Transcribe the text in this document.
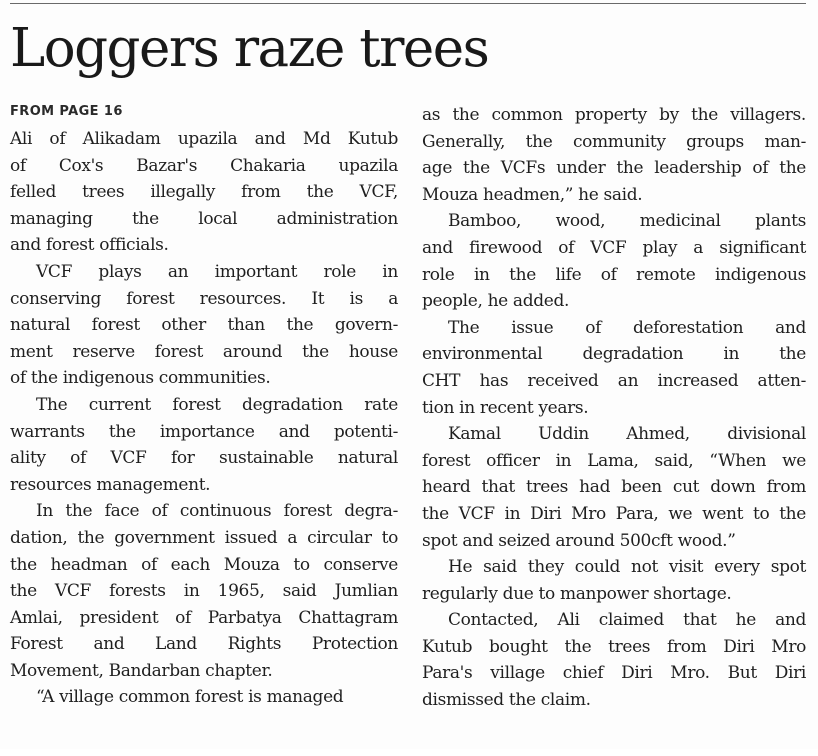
Loggers raze trees
FROM PAGE 16
Ali of Alikadam upazila and Md Kutub
of Cox's Bazar's Chakaria upazila
felled trees illegally from the VCF,
managing the local administration
and forest officials.
VCF plays an important role in
conserving forest resources. It is a
natural forest other than the govern-
ment reserve forest around the house
of the indigenous communities.
The current forest degradation rate
warrants the importance and potenti-
ality of VCF for sustainable natural
resources management.
In the face of continuous forest degra-
dation, the government issued a circular to
the headman of each Mouza to conserve
the VCF forests in 1965, said Jumlian
Amlai, president of Parbatya Chattagram
Forest and Land Rights Protection
Movement, Bandarban chapter.
“A village common forest is managed
as the common property by the villagers.
Generally, the community groups man-
age the VCFs under the leadership of the
Mouza headmen,” he said.
Bamboo, wood, medicinal plants
and firewood of VCF play a significant
role in the life of remote indigenous
people, he added.
The issue of deforestation and
environmental degradation in the
CHT has received an increased atten-
tion in recent years.
Kamal Uddin Ahmed, divisional
forest officer in Lama, said, “When we
heard that trees had been cut down from
the VCF in Diri Mro Para, we went to the
spot and seized around 500cft wood.”
He said they could not visit every spot
regularly due to manpower shortage.
Contacted, Ali claimed that he and
Kutub bought the trees from Diri Mro
Para's village chief Diri Mro. But Diri
dismissed the claim.
